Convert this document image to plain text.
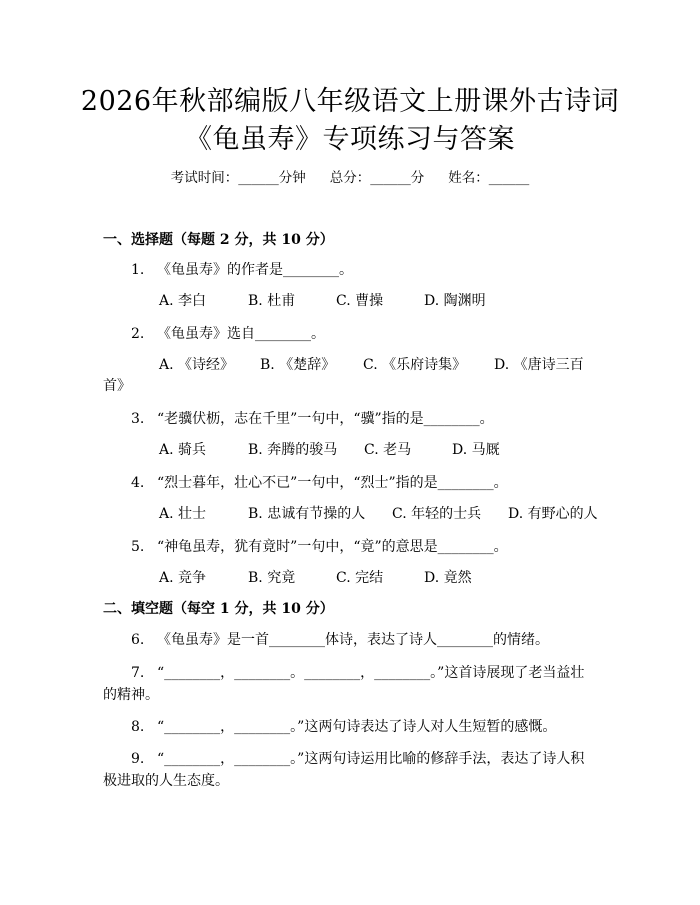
2026年秋部编版八年级语文上册课外古诗词
《龟虽寿》专项练习与答案
考试时间：______分钟 总分：______分 姓名：______
一、选择题（每题 2 分，共 10 分）
1. 《龟虽寿》的作者是________。
A. 李白	B. 杜甫	C. 曹操	D. 陶渊明
2. 《龟虽寿》选自________。
A. 《诗经》 B. 《楚辞》 C. 《乐府诗集》 D. 《唐诗三百
首》
3. “老骥伏枥，志在千里”一句中，“骥”指的是________。
A. 骑兵	B. 奔腾的骏马 C. 老马	D. 马厩
4. “烈士暮年，壮心不已”一句中，“烈士”指的是________。
A. 壮士	B. 忠诚有节操的人 C. 年轻的士兵 D. 有野心的人
5. “神龟虽寿，犹有竟时”一句中，“竟”的意思是________。
A. 竞争	B. 究竟	C. 完结	D. 竟然
二、填空题（每空 1 分，共 10 分）
6. 《龟虽寿》是一首________体诗，表达了诗人________的情绪。
7. “________，________。________，________。”这首诗展现了老当益壮
的精神。
8. “________，________。”这两句诗表达了诗人对人生短暂的感慨。
9. “________，________。”这两句诗运用比喻的修辞手法，表达了诗人积
极进取的人生态度。
